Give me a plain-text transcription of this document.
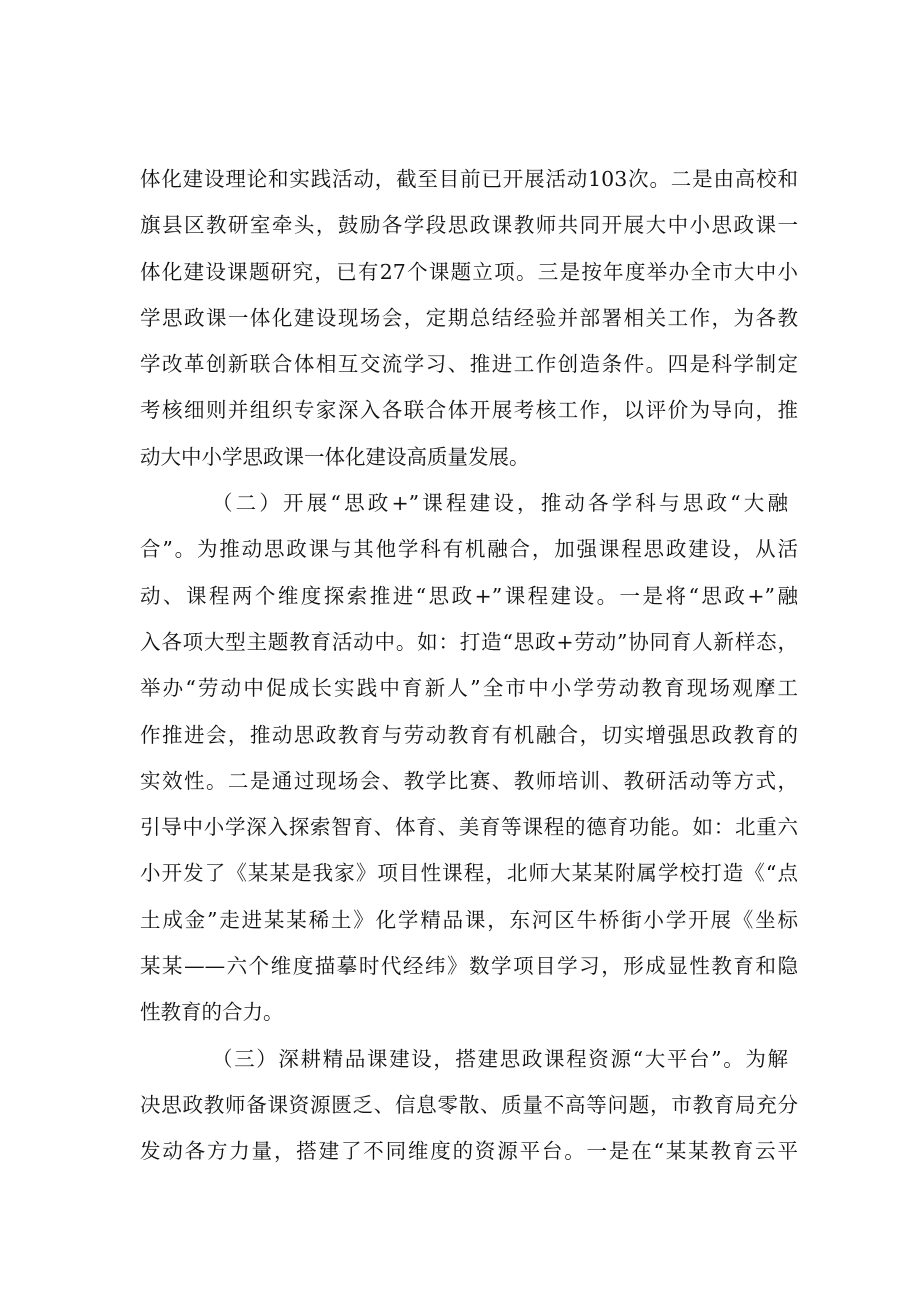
体化建设理论和实践活动，截至目前已开展活动103次。二是由高校和
旗县区教研室牵头，鼓励各学段思政课教师共同开展大中小思政课一
体化建设课题研究，已有27个课题立项。三是按年度举办全市大中小
学思政课一体化建设现场会，定期总结经验并部署相关工作，为各教
学改革创新联合体相互交流学习、推进工作创造条件。四是科学制定
考核细则并组织专家深入各联合体开展考核工作，以评价为导向，推
动大中小学思政课一体化建设高质量发展。
（二）开展“思政+”课程建设，推动各学科与思政“大融
合”。为推动思政课与其他学科有机融合，加强课程思政建设，从活
动、课程两个维度探索推进“思政+”课程建设。一是将“思政+”融
入各项大型主题教育活动中。如：打造“思政+劳动”协同育人新样态，
举办“劳动中促成长实践中育新人”全市中小学劳动教育现场观摩工
作推进会，推动思政教育与劳动教育有机融合，切实增强思政教育的
实效性。二是通过现场会、教学比赛、教师培训、教研活动等方式，
引导中小学深入探索智育、体育、美育等课程的德育功能。如：北重六
小开发了《某某是我家》项目性课程，北师大某某附属学校打造《“点
土成金”走进某某稀土》化学精品课，东河区牛桥街小学开展《坐标
某某——六个维度描摹时代经纬》数学项目学习，形成显性教育和隐
性教育的合力。
（三）深耕精品课建设，搭建思政课程资源“大平台”。为解
决思政教师备课资源匮乏、信息零散、质量不高等问题，市教育局充分
发动各方力量，搭建了不同维度的资源平台。一是在“某某教育云平
